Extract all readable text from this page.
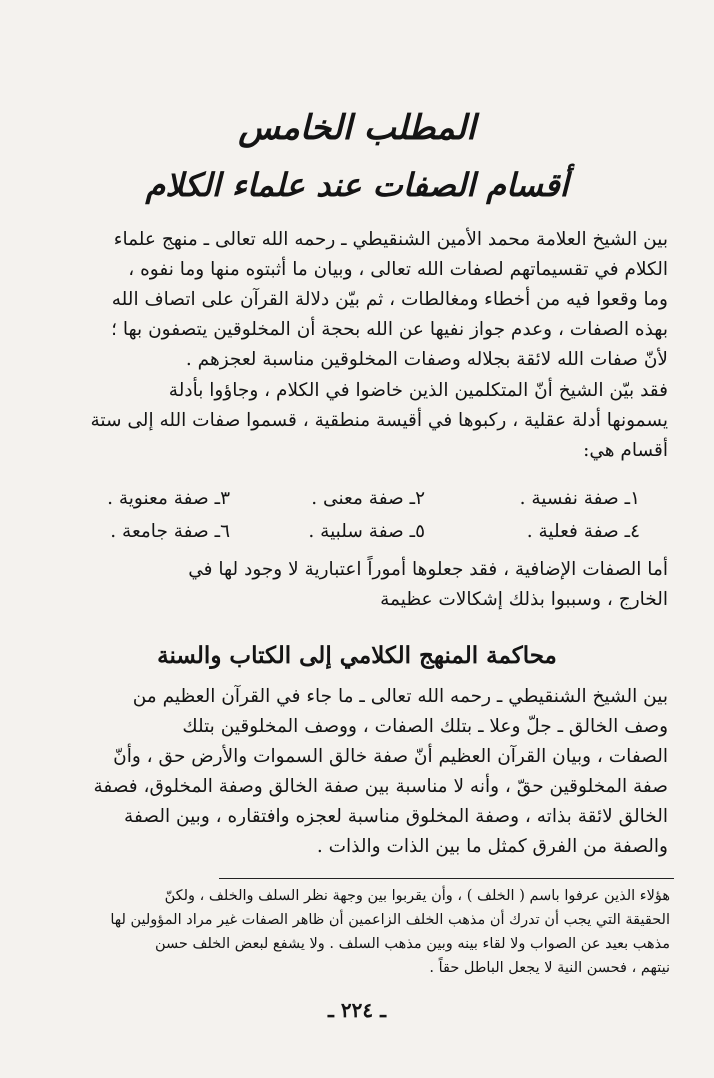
المطلب الخامس
أقسام الصفات عند علماء الكلام

بين الشيخ العلامة محمد الأمين الشنقيطي ـ رحمه الله تعالى ـ منهج علماء

الكلام في تقسيماتهم لصفات الله تعالى ، وبيان ما أثبتوه منها وما نفوه ،

وما وقعوا فيه من أخطاء ومغالطات ، ثم بيّن دلالة القرآن على اتصاف الله

بهذه الصفات ، وعدم جواز نفيها عن الله بحجة أن المخلوقين يتصفون بها ؛

لأنّ صفات الله لائقة بجلاله وصفات المخلوقين مناسبة لعجزهم .

فقد بيّن الشيخ أنّ المتكلمين الذين خاضوا في الكلام ، وجاؤوا بأدلة

يسمونها أدلة عقلية ، ركبوها في أقيسة منطقية ، قسموا صفات الله إلى ستة

أقسام هي:

١ـ صفة نفسية .
٢ـ صفة معنى .
٣ـ صفة معنوية .
٤ـ صفة فعلية .
٥ـ صفة سلبية .
٦ـ صفة جامعة .

أما الصفات الإضافية ، فقد جعلوها أموراً اعتبارية لا وجود لها في

الخارج ، وسببوا بذلك إشكالات عظيمة

محاكمة المنهج الكلامي إلى الكتاب والسنة

بين الشيخ الشنقيطي ـ رحمه الله تعالى ـ ما جاء في القرآن العظيم من

وصف الخالق ـ جلّ وعلا ـ بتلك الصفات ، ووصف المخلوقين بتلك

الصفات ، وبيان القرآن العظيم أنّ صفة خالق السموات والأرض حق ، وأنّ

صفة المخلوقين حقّ ، وأنه لا مناسبة بين صفة الخالق وصفة المخلوق، فصفة

الخالق لائقة بذاته ، وصفة المخلوق مناسبة لعجزه وافتقاره ، وبين الصفة

والصفة من الفرق كمثل ما بين الذات والذات .

هؤلاء الذين عرفوا باسم ( الخلف ) ، وأن يقربوا بين وجهة نظر السلف والخلف ، ولكنّ

الحقيقة التي يجب أن تدرك أن مذهب الخلف الزاعمين أن ظاهر الصفات غير مراد المؤولين لها

مذهب بعيد عن الصواب ولا لقاء بينه وبين مذهب السلف . ولا يشفع لبعض الخلف حسن

نيتهم ، فحسن النية لا يجعل الباطل حقاً .

ـ ٢٢٤ ـ
